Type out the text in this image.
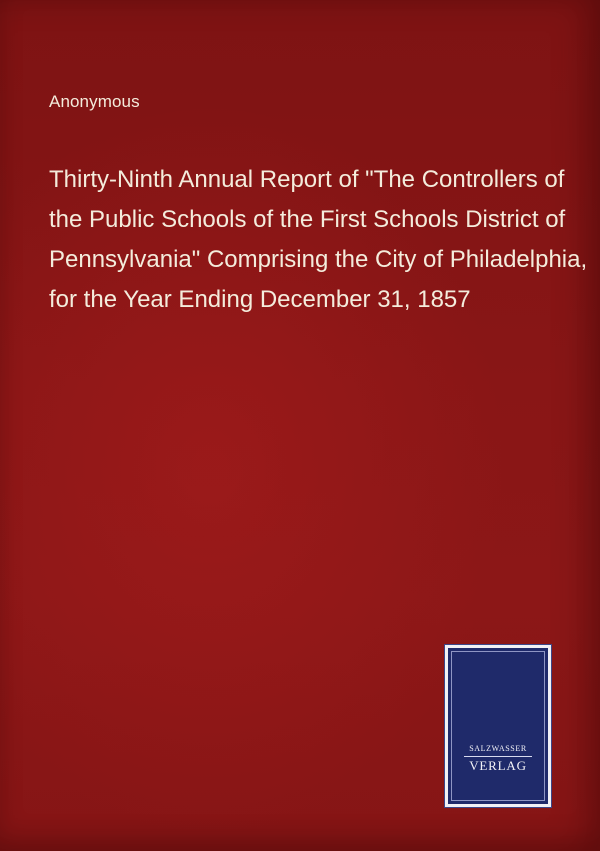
Anonymous
Thirty-Ninth Annual Report of "The Controllers of the Public Schools of the First Schools District of Pennsylvania" Comprising the City of Philadelphia, for the Year Ending December 31, 1857
SALZWASSER
VERLAG
